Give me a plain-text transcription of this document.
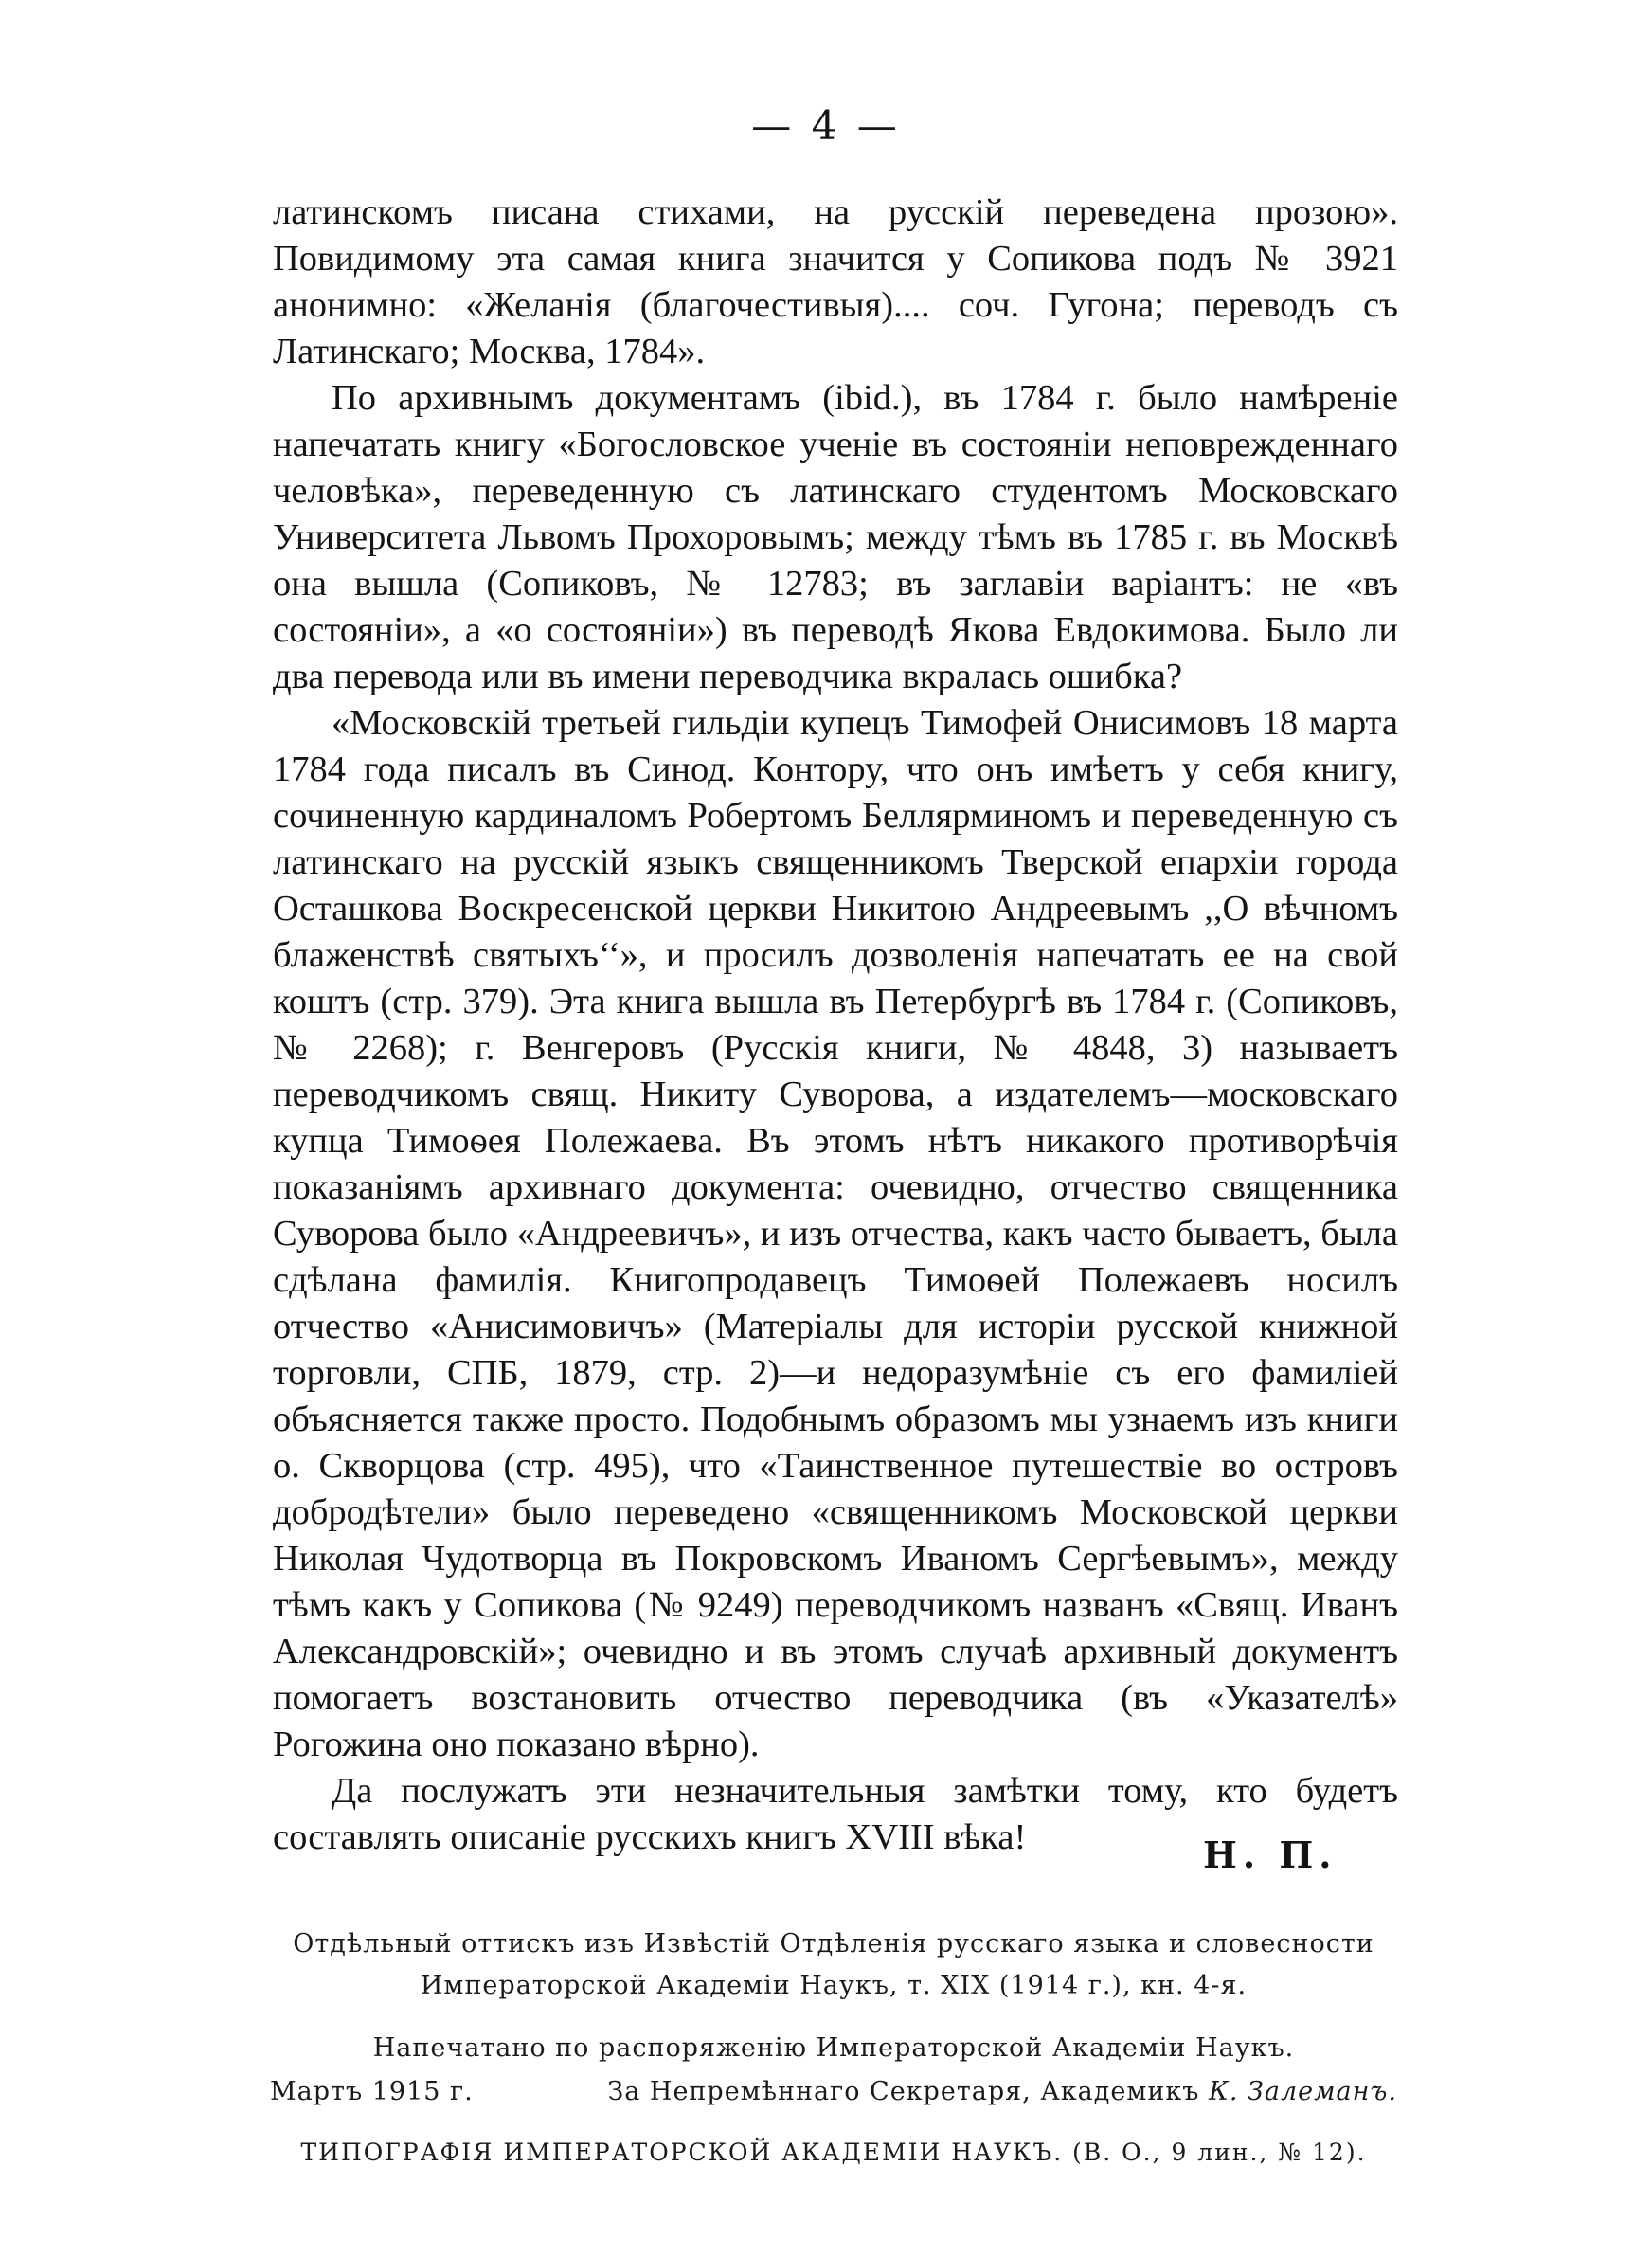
— 4 —

латинскомъ писана стихами, на русскій переведена прозою». Повидимому эта самая книга значится у Сопикова подъ № 3921 анонимно: «Желанія (благочестивыя).... соч. Гугона; переводъ съ Латинскаго; Москва, 1784».

По архивнымъ документамъ (ibid.), въ 1784 г. было намѣреніе напечатать книгу «Богословское ученіе въ состояніи неповрежденнаго человѣка», переведенную съ латинскаго студентомъ Московскаго Университета Львомъ Прохоровымъ; между тѣмъ въ 1785 г. въ Москвѣ она вышла (Сопиковъ, № 12783; въ заглавіи варіантъ: не «въ состояніи», а «о состояніи») въ переводѣ Якова Евдокимова. Было ли два перевода или въ имени переводчика вкралась ошибка?

«Московскій третьей гильдіи купецъ Тимофей Онисимовъ 18 марта 1784 года писалъ въ Синод. Контору, что онъ имѣетъ у себя книгу, сочиненную кардиналомъ Робертомъ Беллярминомъ и переведенную съ латинскаго на русскій языкъ священникомъ Тверской епархіи города Осташкова Воскресенской церкви Никитою Андреевымъ ,,О вѣчномъ блаженствѣ святыхъ‘‘», и просилъ дозволенія напечатать ее на свой коштъ (стр. 379). Эта книга вышла въ Петербургѣ въ 1784 г. (Сопиковъ, № 2268); г. Венгеровъ (Русскія книги, № 4848, 3) называетъ переводчикомъ свящ. Никиту Суворова, а издателемъ—московскаго купца Тимоѳея Полежаева. Въ этомъ нѣтъ никакого противорѣчія показаніямъ архивнаго документа: очевидно, отчество священника Суворова было «Андреевичъ», и изъ отчества, какъ часто бываетъ, была сдѣлана фамилія. Книгопродавецъ Тимоѳей Полежаевъ носилъ отчество «Анисимовичъ» (Матеріалы для исторіи русской книжной торговли, СПБ, 1879, стр. 2)—и недоразумѣніе съ его фамиліей объясняется также просто. Подобнымъ образомъ мы узнаемъ изъ книги о. Скворцова (стр. 495), что «Таинственное путешествіе во островъ добродѣтели» было переведено «священникомъ Московской церкви Николая Чудотворца въ Покровскомъ Иваномъ Сергѣевымъ», между тѣмъ какъ у Сопикова (№ 9249) переводчикомъ названъ «Свящ. Иванъ Александровскій»; очевидно и въ этомъ случаѣ архивный документъ помогаетъ возстановить отчество переводчика (въ «Указателѣ» Рогожина оно показано вѣрно).

Да послужатъ эти незначительныя замѣтки тому, кто будетъ составлять описаніе русскихъ книгъ XVIII вѣка!	Н. П.
Отдѣльный оттискъ изъ Извѣстій Отдѣленія русскаго языка и словесности
Императорской Академіи Наукъ, т. XIX (1914 г.), кн. 4-я.
Напечатано по распоряженію Императорской Академіи Наукъ.
Мартъ 1915 г.	За Непремѣннаго Секретаря, Академикъ К. Залеманъ.
ТИПОГРАФІЯ ИМПЕРАТОРСКОЙ АКАДЕМІИ НАУКЪ. (В. О., 9 лин., № 12).
